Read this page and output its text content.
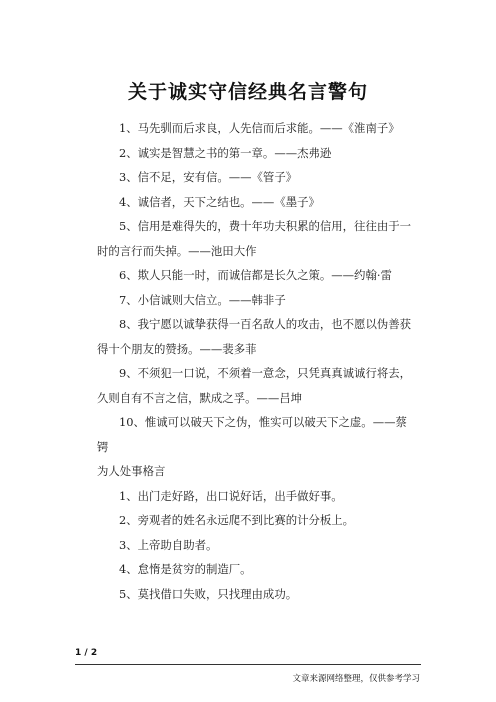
关于诚实守信经典名言警句

1、马先驯而后求良，人先信而后求能。——《淮南子》

2、诚实是智慧之书的第一章。——杰弗逊

3、信不足，安有信。——《管子》

4、诚信者，天下之结也。——《墨子》

5、信用是难得失的，费十年功夫积累的信用，往往由于一时的言行而失掉。——池田大作

6、欺人只能一时，而诚信都是长久之策。——约翰·雷

7、小信诚则大信立。——韩非子

8、我宁愿以诚挚获得一百名敌人的攻击，也不愿以伪善获得十个朋友的赞扬。——裴多菲

9、不须犯一口说，不须着一意念，只凭真真诚诚行将去，久则自有不言之信，默成之孚。——吕坤

10、惟诚可以破天下之伪，惟实可以破天下之虚。——蔡锷

为人处事格言

1、出门走好路，出口说好话，出手做好事。

2、旁观者的姓名永远爬不到比赛的计分板上。

3、上帝助自助者。

4、怠惰是贫穷的制造厂。

5、莫找借口失败，只找理由成功。

1 / 2
文章来源网络整理，仅供参考学习
